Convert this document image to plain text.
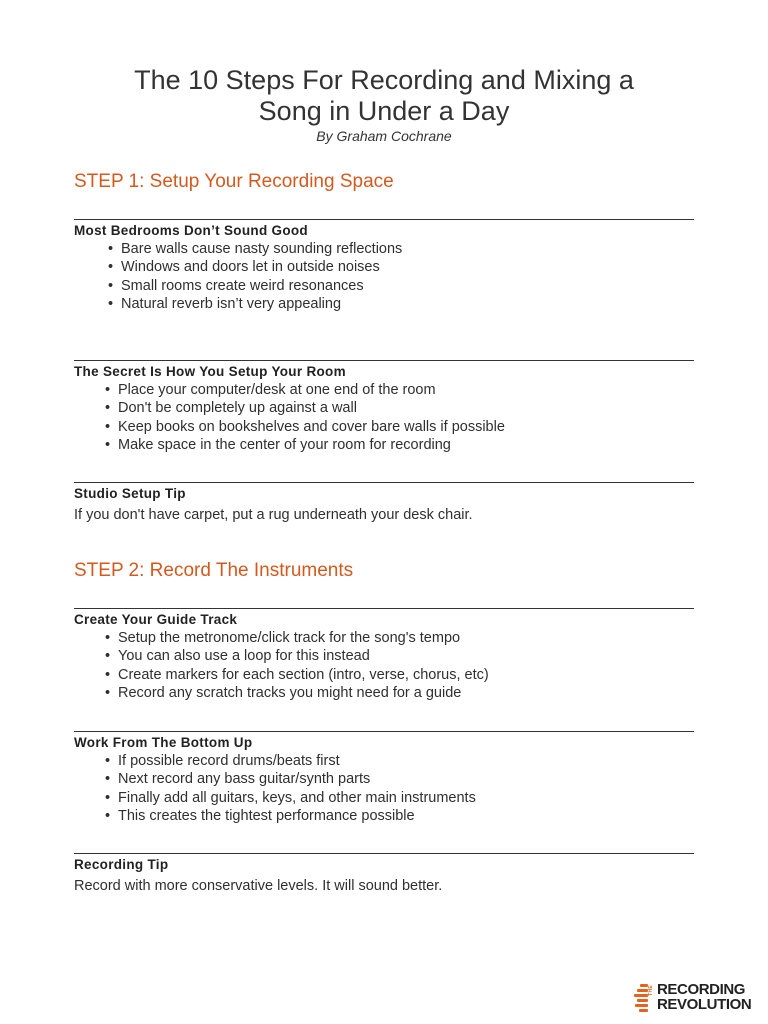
The 10 Steps For Recording and Mixing a
Song in Under a Day
By Graham Cochrane
STEP 1: Setup Your Recording Space
Most Bedrooms Don’t Sound Good
• Bare walls cause nasty sounding reflections
• Windows and doors let in outside noises
• Small rooms create weird resonances
• Natural reverb isn’t very appealing
The Secret Is How You Setup Your Room
• Place your computer/desk at one end of the room
• Don't be completely up against a wall
• Keep books on bookshelves and cover bare walls if possible
• Make space in the center of your room for recording
Studio Setup Tip
If you don't have carpet, put a rug underneath your desk chair.
STEP 2: Record The Instruments
Create Your Guide Track
• Setup the metronome/click track for the song's tempo
• You can also use a loop for this instead
• Create markers for each section (intro, verse, chorus, etc)
• Record any scratch tracks you might need for a guide
Work From The Bottom Up
• If possible record drums/beats first
• Next record any bass guitar/synth parts
• Finally add all guitars, keys, and other main instruments
• This creates the tightest performance possible
Recording Tip
Record with more conservative levels. It will sound better.
THE RECORDING
REVOLUTION
